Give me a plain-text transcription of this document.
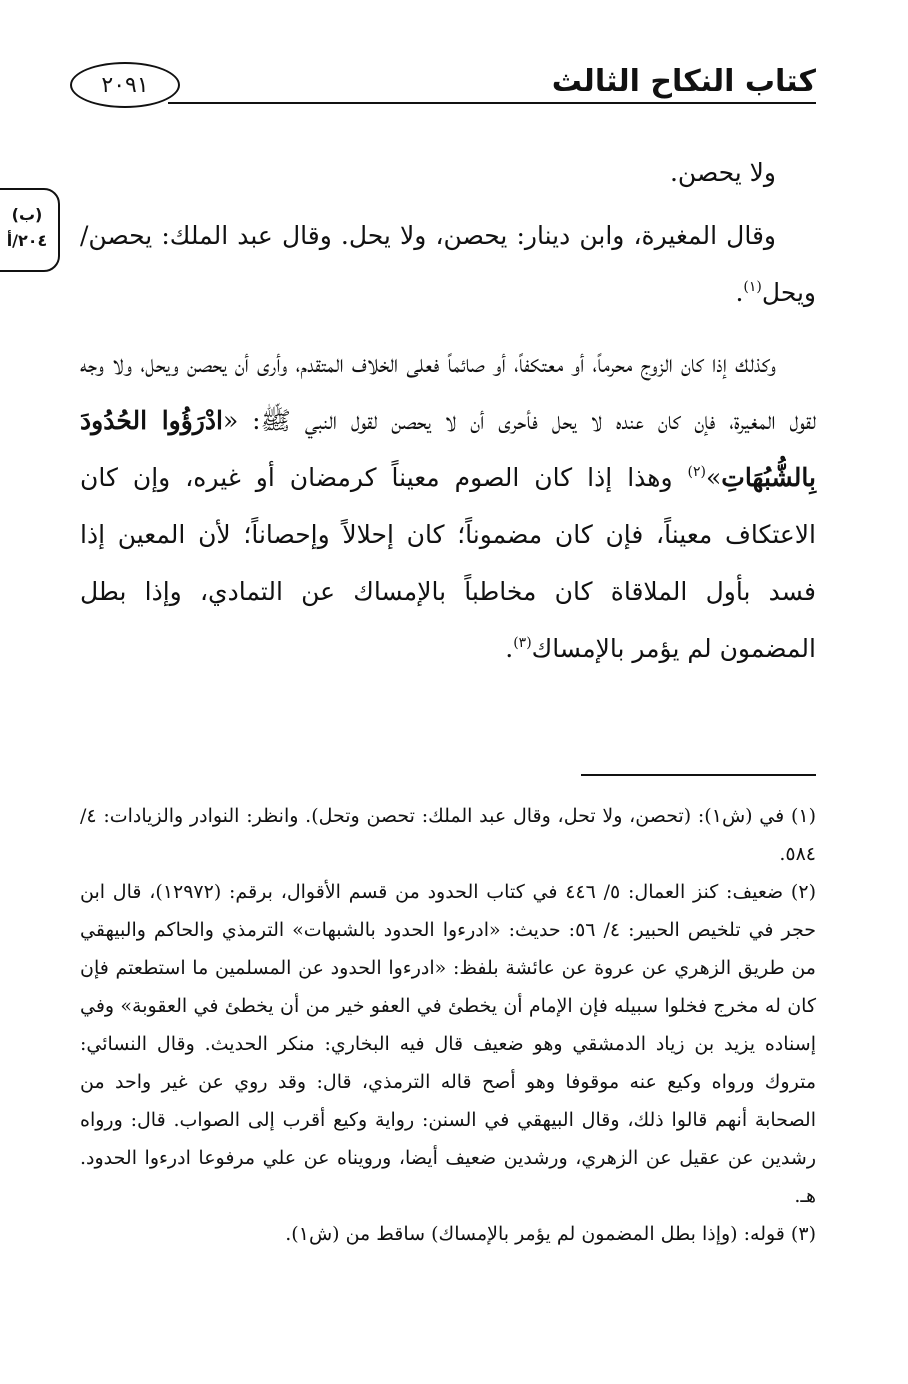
كتاب النكاح الثالث
٢٠٩١
(ب)
٢٠٤/أ

ولا يحصن.

وقال المغيرة، وابن دينار: يحصن، ولا يحل. وقال عبد الملك: يحصن/ ويحل$^{(١)}$.

وكذلك إذا كان الزوج محرماً، أو معتكفاً، أو صائماً فعلى الخلاف المتقدم، وأرى أن يحصن ويحل، ولا وجه لقول المغيرة، فإن كان عنده لا يحل فأحرى أن لا يحصن لقول النبي ﷺ: «ادْرَؤُوا الحُدُودَ بِالشُّبُهَاتِ»$^{(٢)}$ وهذا إذا كان الصوم معيناً كرمضان أو غيره، وإن كان الاعتكاف معيناً، فإن كان مضموناً؛ كان إحلالاً وإحصاناً؛ لأن المعين إذا فسد بأول الملاقاة كان مخاطباً بالإمساك عن التمادي، وإذا بطل المضمون لم يؤمر بالإمساك$^{(٣)}$.

(١) في (ش١): (تحصن، ولا تحل، وقال عبد الملك: تحصن وتحل). وانظر: النوادر والزيادات: ٤/ ٥٨٤.

(٢) ضعيف: كنز العمال: ٥/ ٤٤٦ في كتاب الحدود من قسم الأقوال، برقم: (١٢٩٧٢)، قال ابن حجر في تلخيص الحبير: ٤/ ٥٦: حديث: «ادرءوا الحدود بالشبهات» الترمذي والحاكم والبيهقي من طريق الزهري عن عروة عن عائشة بلفظ: «ادرءوا الحدود عن المسلمين ما استطعتم فإن كان له مخرج فخلوا سبيله فإن الإمام أن يخطئ في العفو خير من أن يخطئ في العقوبة» وفي إسناده يزيد بن زياد الدمشقي وهو ضعيف قال فيه البخاري: منكر الحديث. وقال النسائي: متروك ورواه وكيع عنه موقوفا وهو أصح قاله الترمذي، قال: وقد روي عن غير واحد من الصحابة أنهم قالوا ذلك، وقال البيهقي في السنن: رواية وكيع أقرب إلى الصواب. قال: ورواه رشدين عن عقيل عن الزهري، ورشدين ضعيف أيضا، ورويناه عن علي مرفوعا ادرءوا الحدود. هـ.

(٣) قوله: (وإذا بطل المضمون لم يؤمر بالإمساك) ساقط من (ش١).
